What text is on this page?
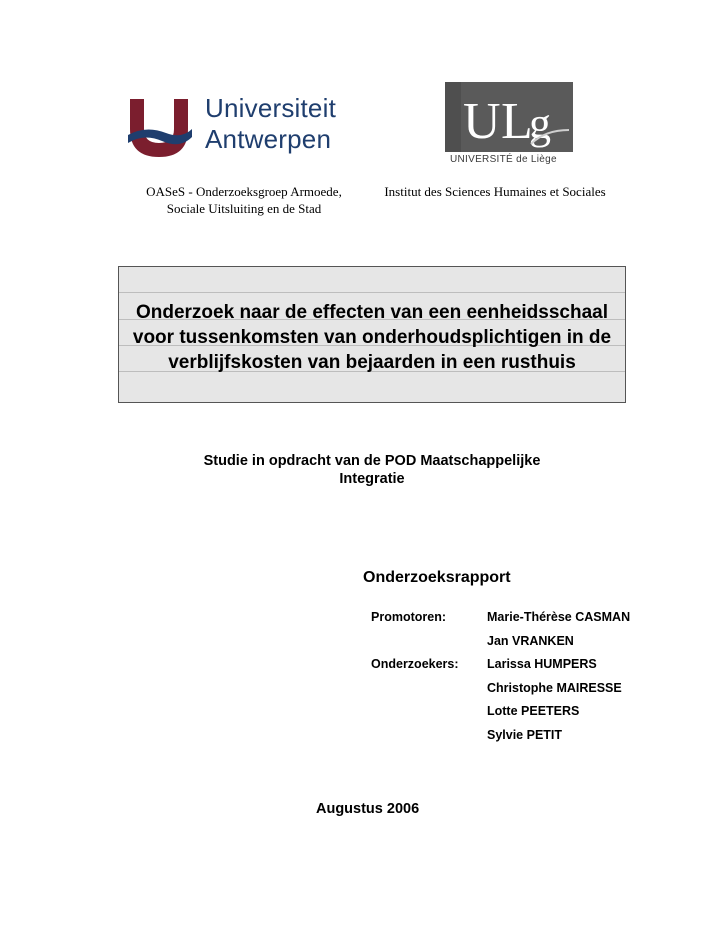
Universiteit
Antwerpen	U L
g
UNIVERSITÉ de Liège
OASeS - Onderzoeksgroep Armoede,
Sociale Uitsluiting en de Stad
Institut des Sciences Humaines et Sociales
Onderzoek naar de effecten van een eenheidsschaal
voor tussenkomsten van onderhoudsplichtigen in de
verblijfskosten van bejaarden in een rusthuis
Studie in opdracht van de POD Maatschappelijke
Integratie
Onderzoeksrapport
Promotoren:	Marie-Thérèse CASMAN
Jan VRANKEN
Onderzoekers: Larissa HUMPERS
Christophe MAIRESSE
Lotte PEETERS
Sylvie PETIT
Augustus 2006
